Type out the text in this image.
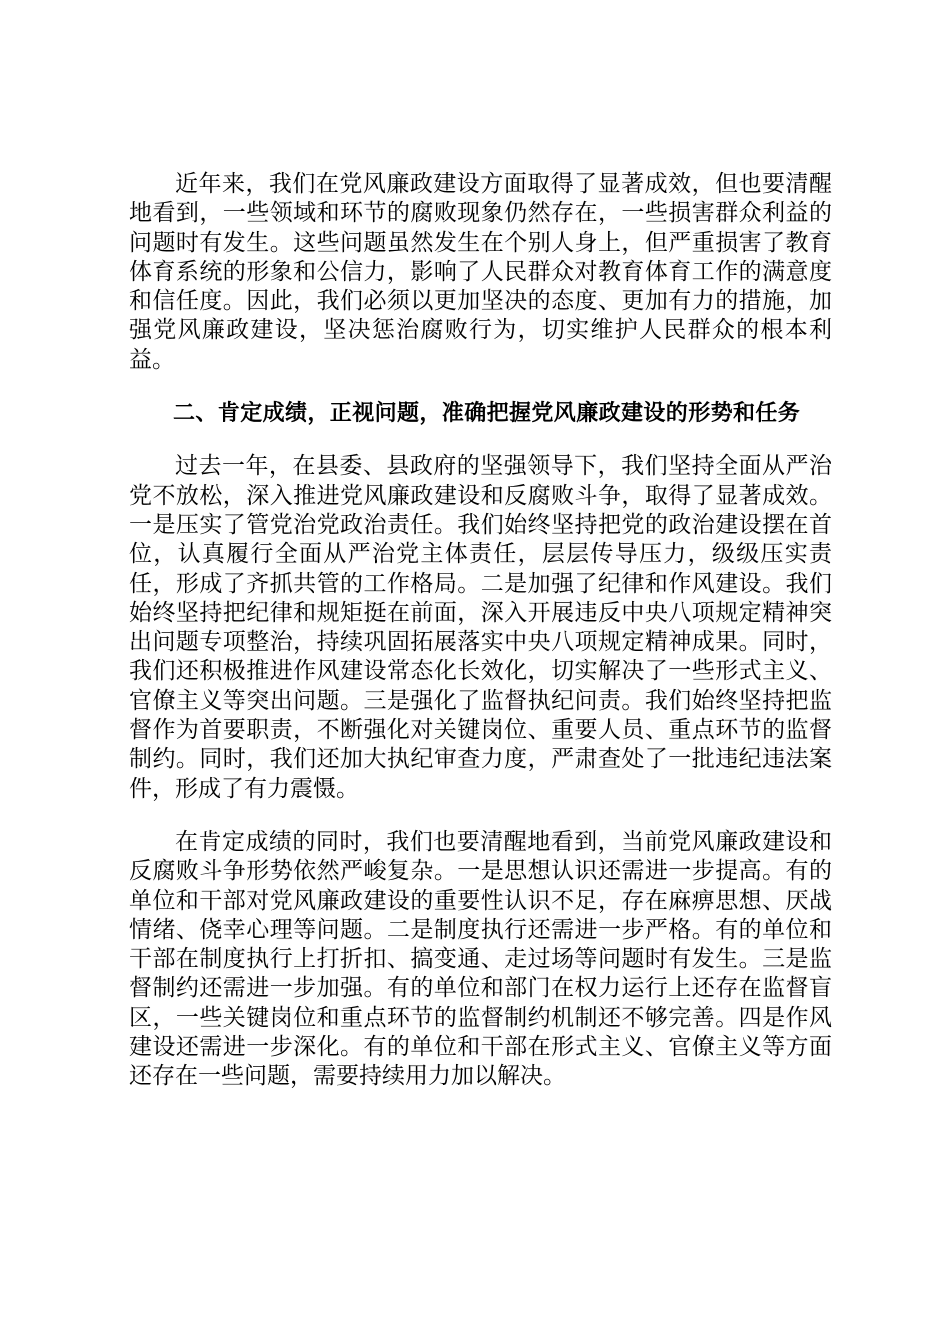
近年来，我们在党风廉政建设方面取得了显著成效，但也要清醒地看到，一些领域和环节的腐败现象仍然存在，一些损害群众利益的问题时有发生。这些问题虽然发生在个别人身上，但严重损害了教育体育系统的形象和公信力，影响了人民群众对教育体育工作的满意度和信任度。因此，我们必须以更加坚决的态度、更加有力的措施，加强党风廉政建设，坚决惩治腐败行为，切实维护人民群众的根本利益。

二、肯定成绩，正视问题，准确把握党风廉政建设的形势和任务

过去一年，在县委、县政府的坚强领导下，我们坚持全面从严治党不放松，深入推进党风廉政建设和反腐败斗争，取得了显著成效。一是压实了管党治党政治责任。我们始终坚持把党的政治建设摆在首位，认真履行全面从严治党主体责任，层层传导压力，级级压实责任，形成了齐抓共管的工作格局。二是加强了纪律和作风建设。我们始终坚持把纪律和规矩挺在前面，深入开展违反中央八项规定精神突出问题专项整治，持续巩固拓展落实中央八项规定精神成果。同时，我们还积极推进作风建设常态化长效化，切实解决了一些形式主义、官僚主义等突出问题。三是强化了监督执纪问责。我们始终坚持把监督作为首要职责，不断强化对关键岗位、重要人员、重点环节的监督制约。同时，我们还加大执纪审查力度，严肃查处了一批违纪违法案件，形成了有力震慑。

在肯定成绩的同时，我们也要清醒地看到，当前党风廉政建设和反腐败斗争形势依然严峻复杂。一是思想认识还需进一步提高。有的单位和干部对党风廉政建设的重要性认识不足，存在麻痹思想、厌战情绪、侥幸心理等问题。二是制度执行还需进一步严格。有的单位和干部在制度执行上打折扣、搞变通、走过场等问题时有发生。三是监督制约还需进一步加强。有的单位和部门在权力运行上还存在监督盲区，一些关键岗位和重点环节的监督制约机制还不够完善。四是作风建设还需进一步深化。有的单位和干部在形式主义、官僚主义等方面还存在一些问题，需要持续用力加以解决。
